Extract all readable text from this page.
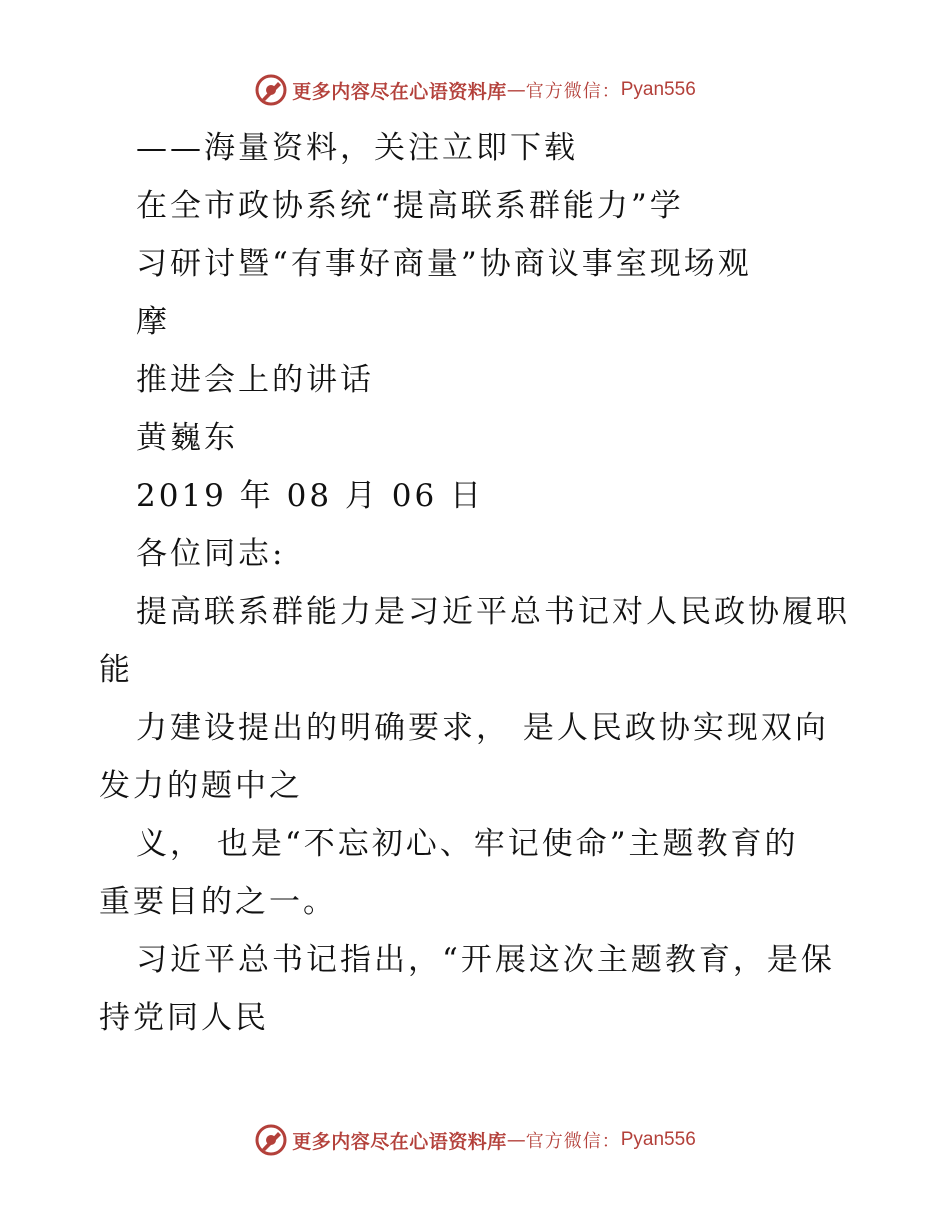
更多内容尽在心语资料库 — 官方微信： Pyan556
——海量资料，关注立即下载
在全市政协系统“提高联系群能力”学
习研讨暨“有事好商量”协商议事室现场观
摩
推进会上的讲话
黄巍东
2019 年 08 月 06 日
各位同志:
提高联系群能力是习近平总书记对人民政协履职
能
力建设提出的明确要求， 是人民政协实现双向
发力的题中之
义， 也是“不忘初心、牢记使命”主题教育的
重要目的之一。
习近平总书记指出，“开展这次主题教育，是保
持党同人民
更多内容尽在心语资料库 — 官方微信： Pyan556
